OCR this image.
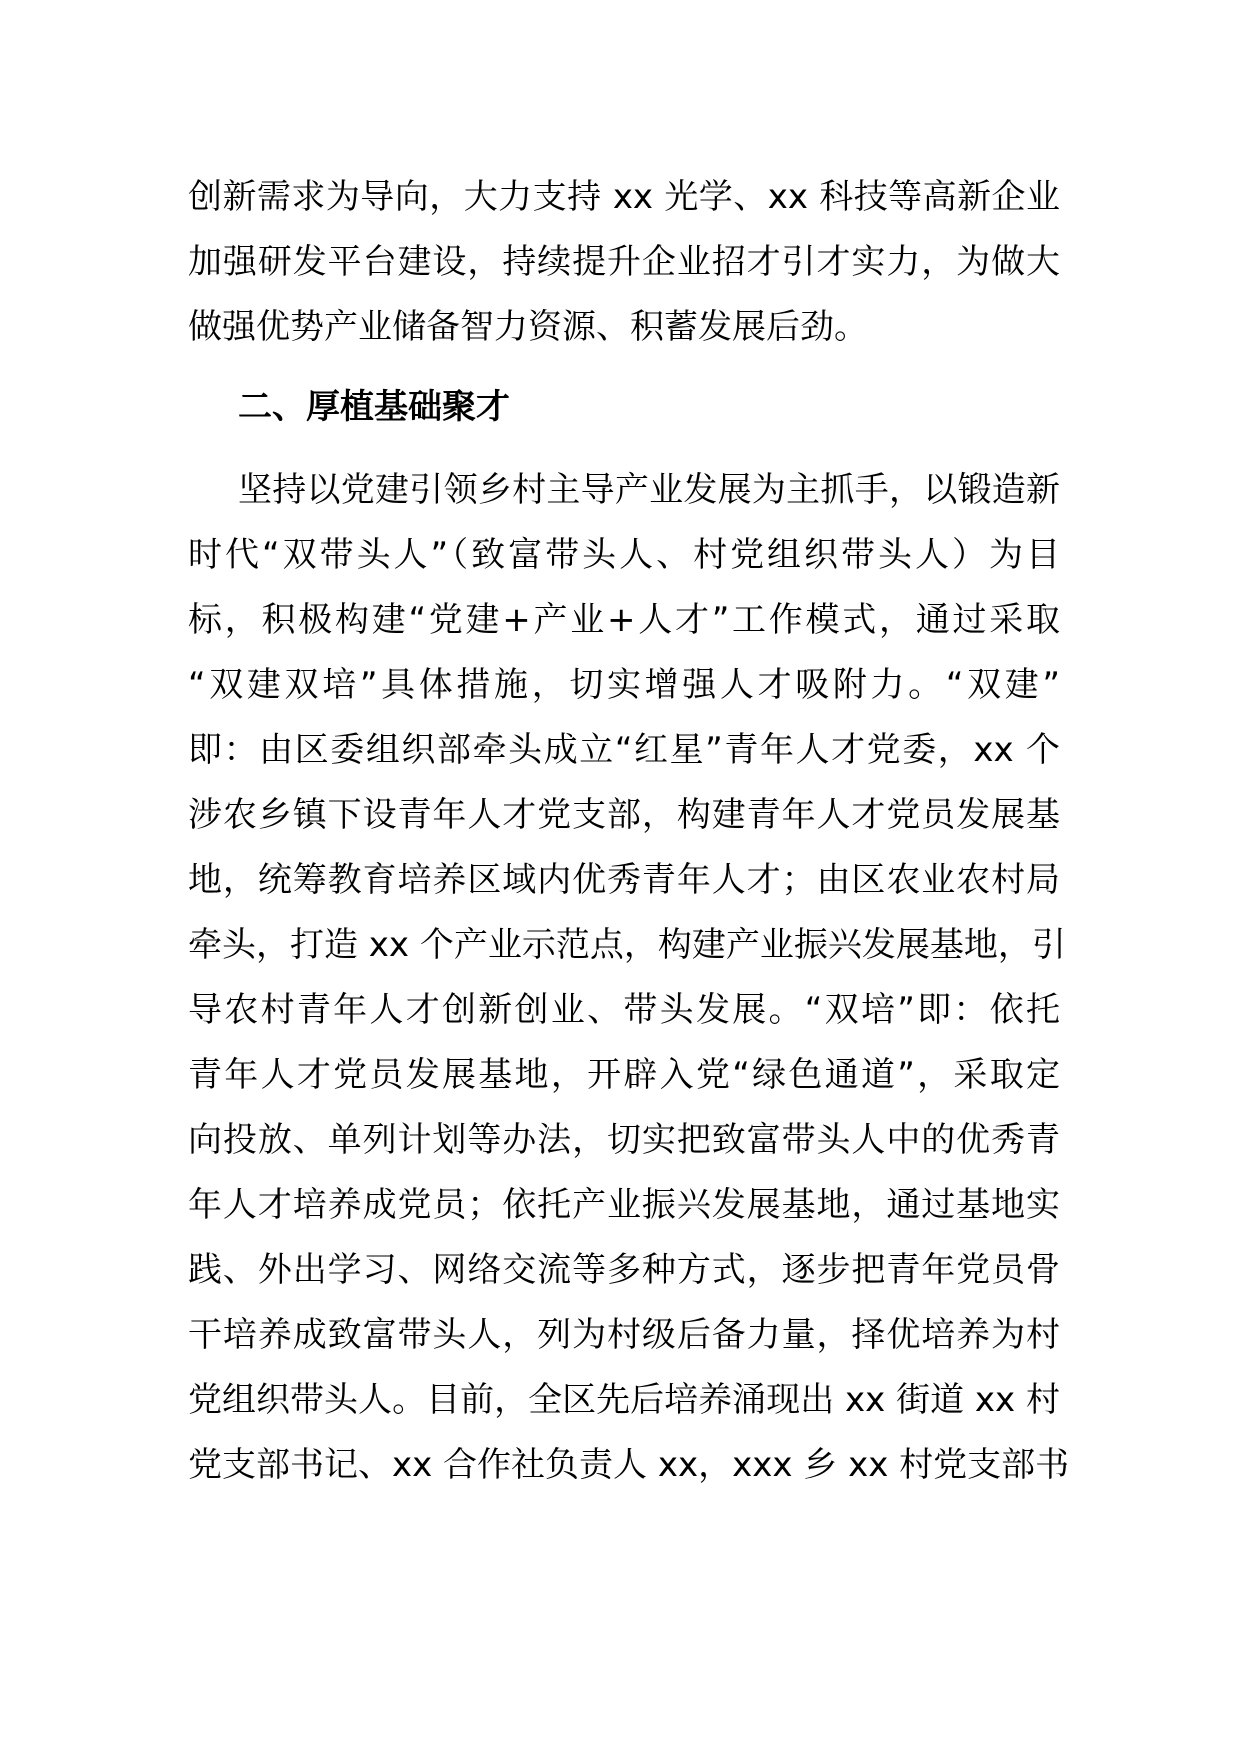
创新需求为导向，大力支持 xx 光学、xx 科技等高新企业
加强研发平台建设，持续提升企业招才引才实力，为做大
做强优势产业储备智力资源、积蓄发展后劲。
二、厚植基础聚才
坚持以党建引领乡村主导产业发展为主抓手，以锻造新
时代“双带头人”（致富带头人、村党组织带头人）为目
标，积极构建“党建+产业+人才”工作模式，通过采取
“双建双培”具体措施，切实增强人才吸附力。“双建”
即：由区委组织部牵头成立“红星”青年人才党委，xx 个
涉农乡镇下设青年人才党支部，构建青年人才党员发展基
地，统筹教育培养区域内优秀青年人才；由区农业农村局
牵头，打造 xx 个产业示范点，构建产业振兴发展基地，引
导农村青年人才创新创业、带头发展。“双培”即：依托
青年人才党员发展基地，开辟入党“绿色通道”，采取定
向投放、单列计划等办法，切实把致富带头人中的优秀青
年人才培养成党员；依托产业振兴发展基地，通过基地实
践、外出学习、网络交流等多种方式，逐步把青年党员骨
干培养成致富带头人，列为村级后备力量，择优培养为村
党组织带头人。目前，全区先后培养涌现出 xx 街道 xx 村
党支部书记、xx 合作社负责人 xx，xxx 乡 xx 村党支部书
